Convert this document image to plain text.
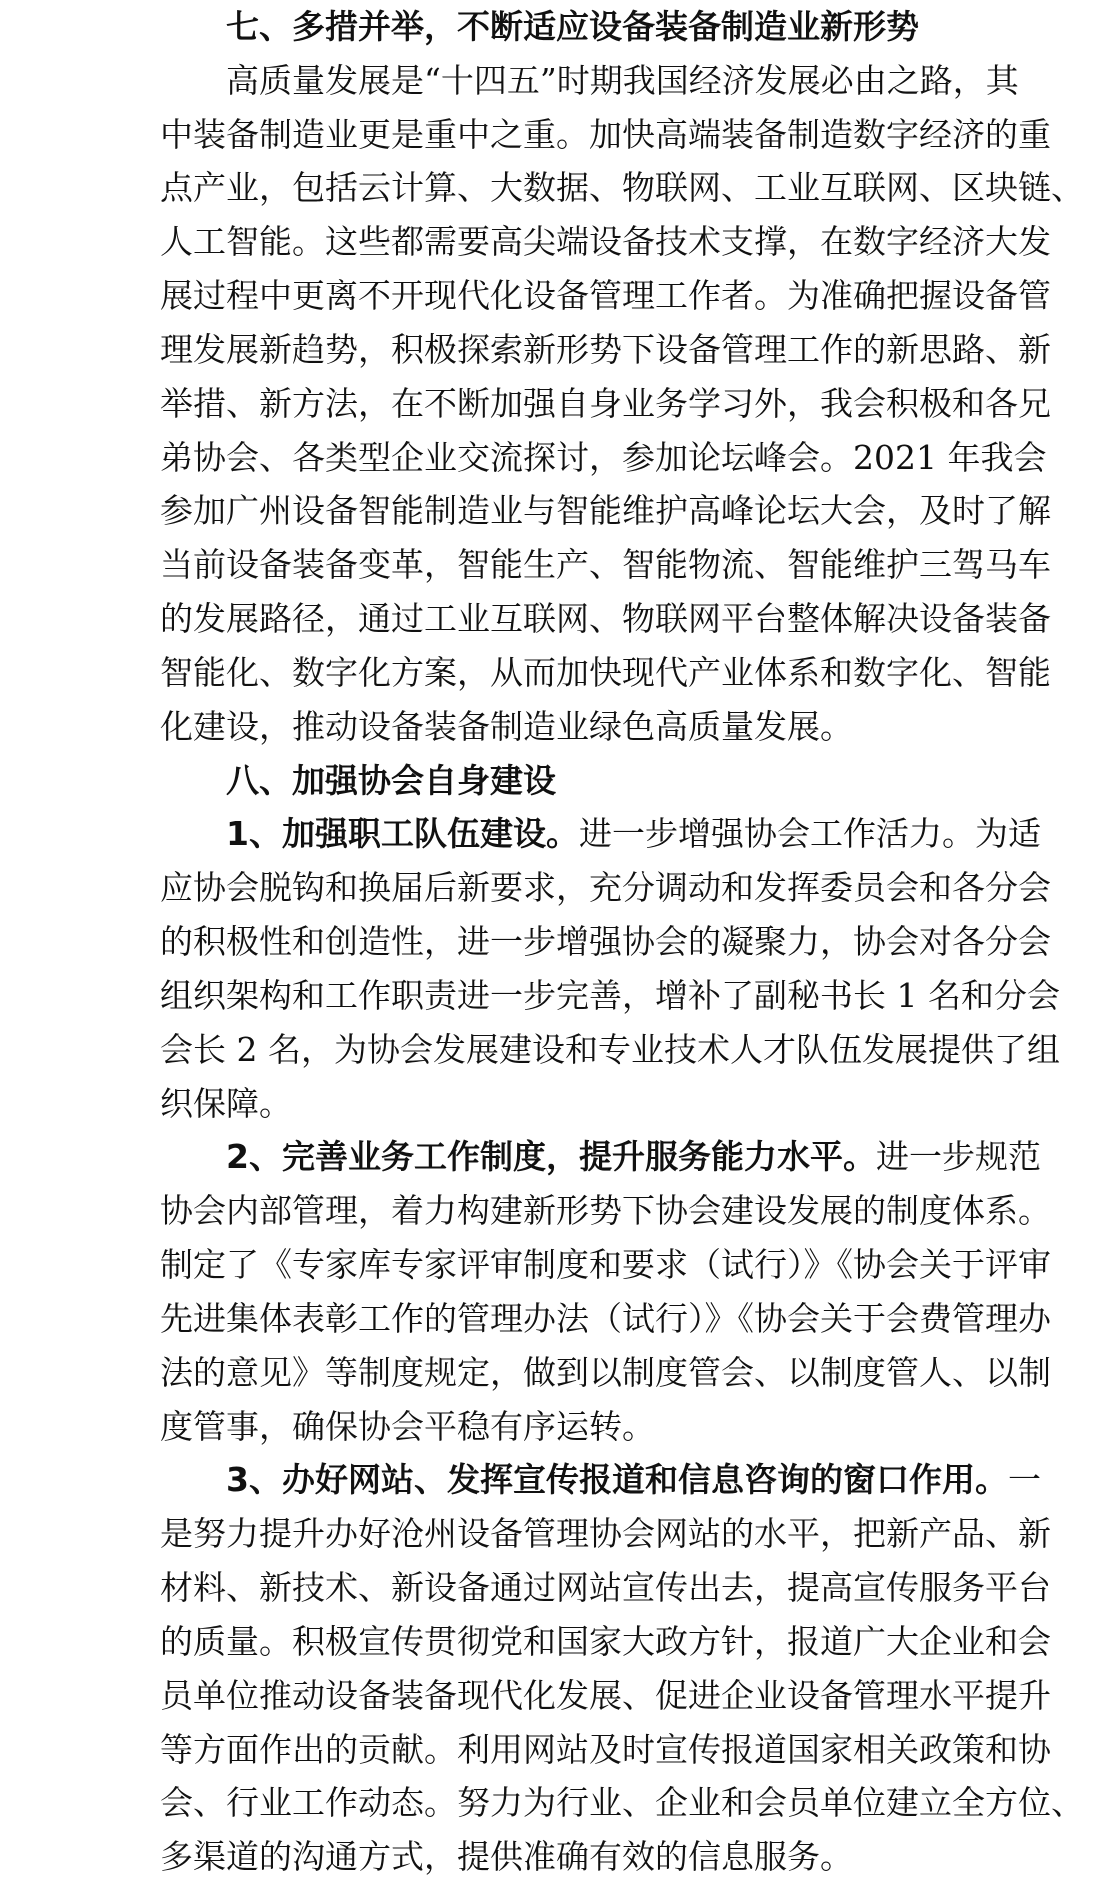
七、多措并举，不断适应设备装备制造业新形势
高质量发展是“十四五”时期我国经济发展必由之路，其
中装备制造业更是重中之重。加快高端装备制造数字经济的重
点产业，包括云计算、大数据、物联网、工业互联网、区块链、
人工智能。这些都需要高尖端设备技术支撑，在数字经济大发
展过程中更离不开现代化设备管理工作者。为准确把握设备管
理发展新趋势，积极探索新形势下设备管理工作的新思路、新
举措、新方法，在不断加强自身业务学习外，我会积极和各兄
弟协会、各类型企业交流探讨，参加论坛峰会。2021 年我会
参加广州设备智能制造业与智能维护高峰论坛大会，及时了解
当前设备装备变革，智能生产、智能物流、智能维护三驾马车
的发展路径，通过工业互联网、物联网平台整体解决设备装备
智能化、数字化方案，从而加快现代产业体系和数字化、智能
化建设，推动设备装备制造业绿色高质量发展。
八、加强协会自身建设
1、加强职工队伍建设。进一步增强协会工作活力。为适
应协会脱钩和换届后新要求，充分调动和发挥委员会和各分会
的积极性和创造性，进一步增强协会的凝聚力，协会对各分会
组织架构和工作职责进一步完善，增补了副秘书长 1 名和分会
会长 2 名，为协会发展建设和专业技术人才队伍发展提供了组
织保障。
2、完善业务工作制度，提升服务能力水平。进一步规范
协会内部管理，着力构建新形势下协会建设发展的制度体系。
制定了《专家库专家评审制度和要求（试行）》《协会关于评审
先进集体表彰工作的管理办法（试行）》《协会关于会费管理办
法的意见》等制度规定，做到以制度管会、以制度管人、以制
度管事，确保协会平稳有序运转。
3、办好网站、发挥宣传报道和信息咨询的窗口作用。一
是努力提升办好沧州设备管理协会网站的水平，把新产品、新
材料、新技术、新设备通过网站宣传出去，提高宣传服务平台
的质量。积极宣传贯彻党和国家大政方针，报道广大企业和会
员单位推动设备装备现代化发展、促进企业设备管理水平提升
等方面作出的贡献。利用网站及时宣传报道国家相关政策和协
会、行业工作动态。努力为行业、企业和会员单位建立全方位、
多渠道的沟通方式，提供准确有效的信息服务。
